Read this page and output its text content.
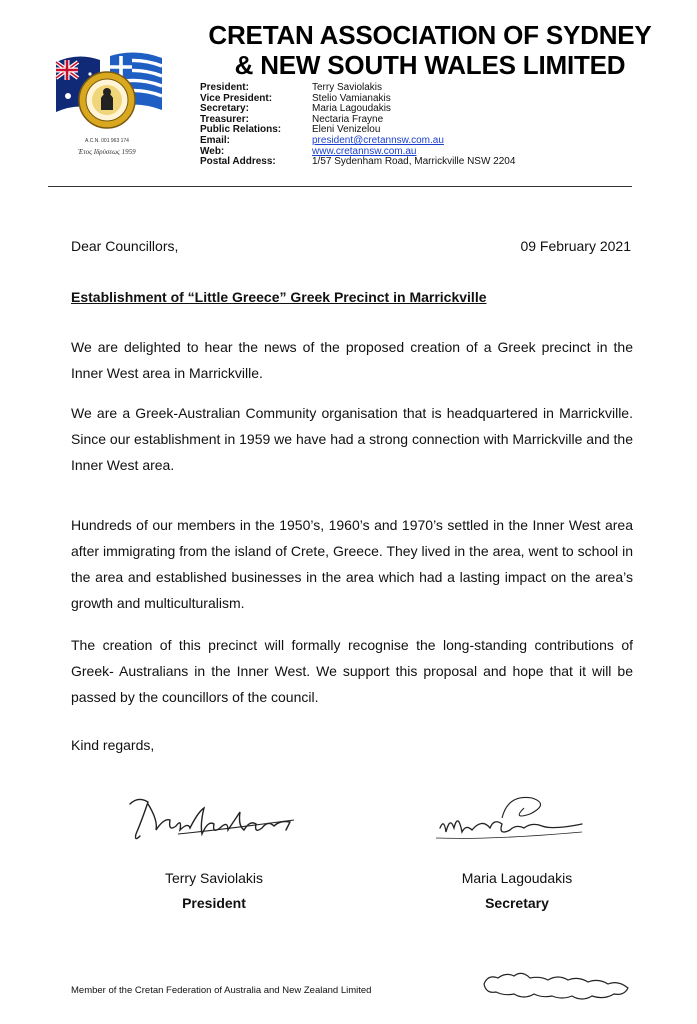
A.C.N. 001 963 174
Έτος Ιδρύσεως 1959
CRETAN ASSOCIATION OF SYDNEY
& NEW SOUTH WALES LIMITED
President:	Terry Saviolakis
Vice President:	Stelio Vamianakis
Secretary:	Maria Lagoudakis
Treasurer:	Nectaria Frayne
Public Relations:	Eleni Venizelou
Email:	president@cretannsw.com.au
Web:	www.cretannsw.com.au
Postal Address:	1/57 Sydenham Road, Marrickville NSW 2204
Dear Councillors,	09 February 2021
Establishment of “Little Greece” Greek Precinct in Marrickville

We are delighted to hear the news of the proposed creation of a Greek precinct in the Inner West area in Marrickville.

We are a Greek-Australian Community organisation that is headquartered in Marrickville. Since our establishment in 1959 we have had a strong connection with Marrickville and the Inner West area.

Hundreds of our members in the 1950’s, 1960’s and 1970’s settled in the Inner West area after immigrating from the island of Crete, Greece. They lived in the area, went to school in the area and established businesses in the area which had a lasting impact on the area’s growth and multiculturalism.

The creation of this precinct will formally recognise the long-standing contributions of Greek- Australians in the Inner West. We support this proposal and hope that it will be passed by the councillors of the council.

Kind regards,
Terry Saviolakis
President
Maria Lagoudakis
Secretary
Member of the Cretan Federation of Australia and New Zealand Limited
